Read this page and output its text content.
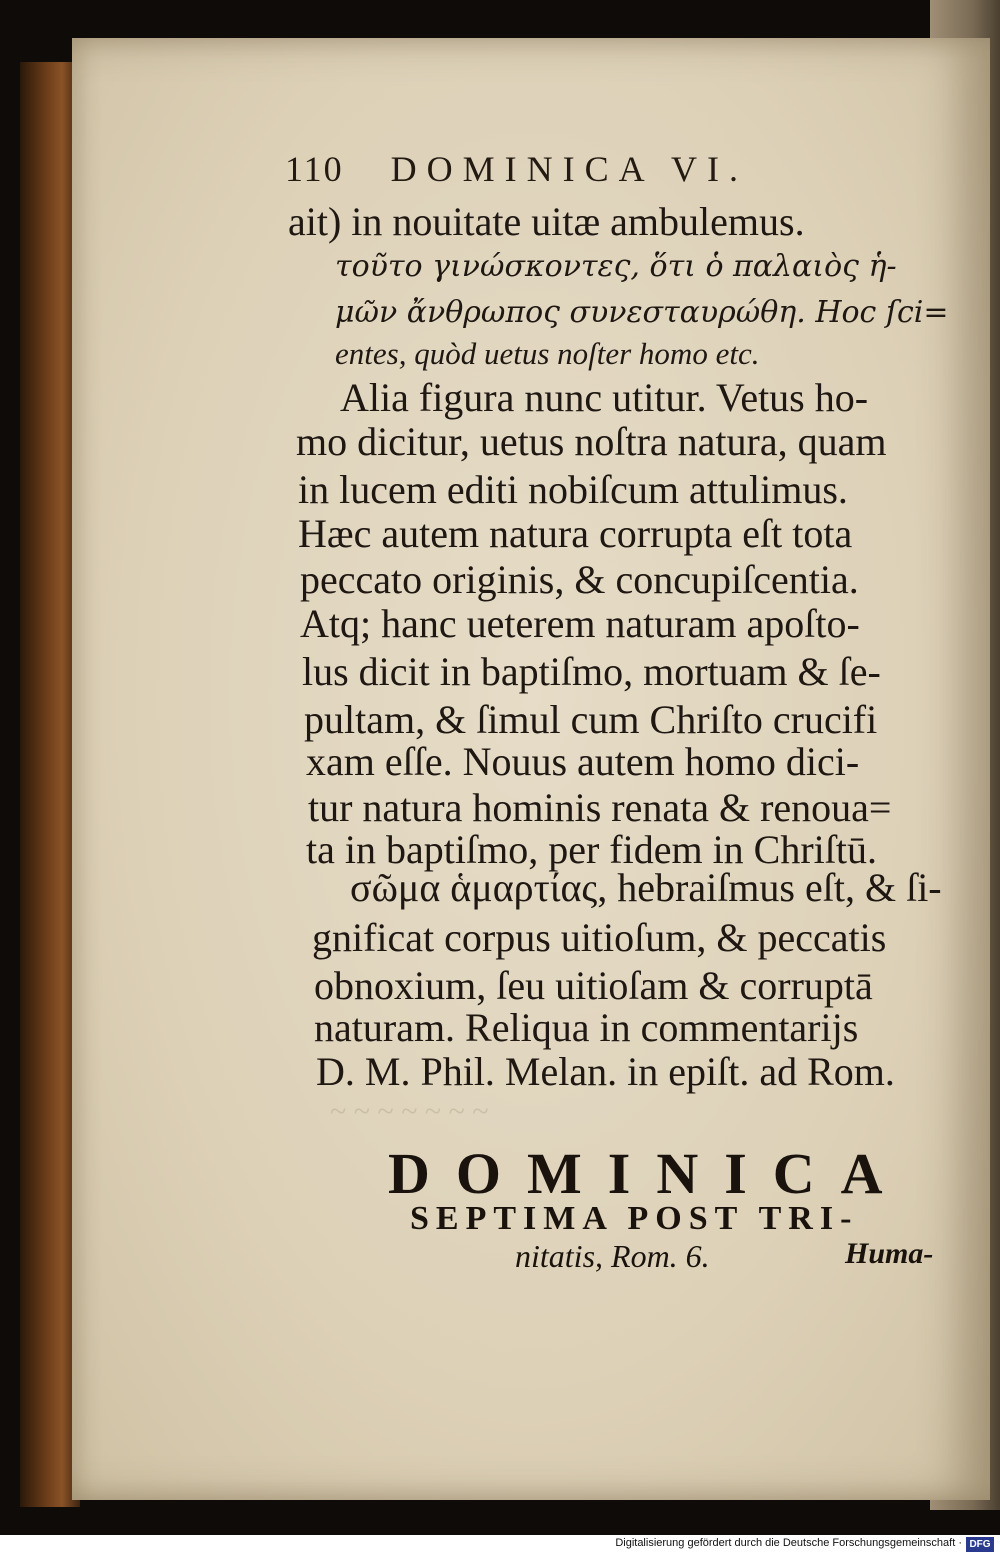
~ ~ ~ ~ ~ ~ ~
110 DOMINICA VI.
ait) in nouitate uitæ ambulemus.
τοῦτο γινώσκοντες, ὅτι ὁ παλαιὸς ἡ-
μῶν ἄνθρωπος συνεσταυρώθη. Hoc ſci=
entes, quòd uetus noſter homo etc.
Alia figura nunc utitur. Vetus ho-
mo dicitur, uetus noſtra natura, quam
in lucem editi nobiſcum attulimus.
Hæc autem natura corrupta eſt tota
peccato originis, & concupiſcentia.
Atq; hanc ueterem naturam apoſto-
lus dicit in baptiſmo, mortuam & ſe-
pultam, & ſimul cum Chriſto crucifi
xam eſſe. Nouus autem homo dici-
tur natura hominis renata & renoua=
ta in baptiſmo, per fidem in Chriſtū.
σῶμα ἁμαρτίας, hebraiſmus eſt, & ſi-
gnificat corpus uitioſum, & peccatis
obnoxium, ſeu uitioſam & corruptā
naturam. Reliqua in commentarijs
D. M. Phil. Melan. in epiſt. ad Rom.
DOMINICA
SEPTIMA POST TRI-
nitatis, Rom. 6.	Huma-
Digitalisierung gefördert durch die Deutsche Forschungsgemeinschaft · DFG
